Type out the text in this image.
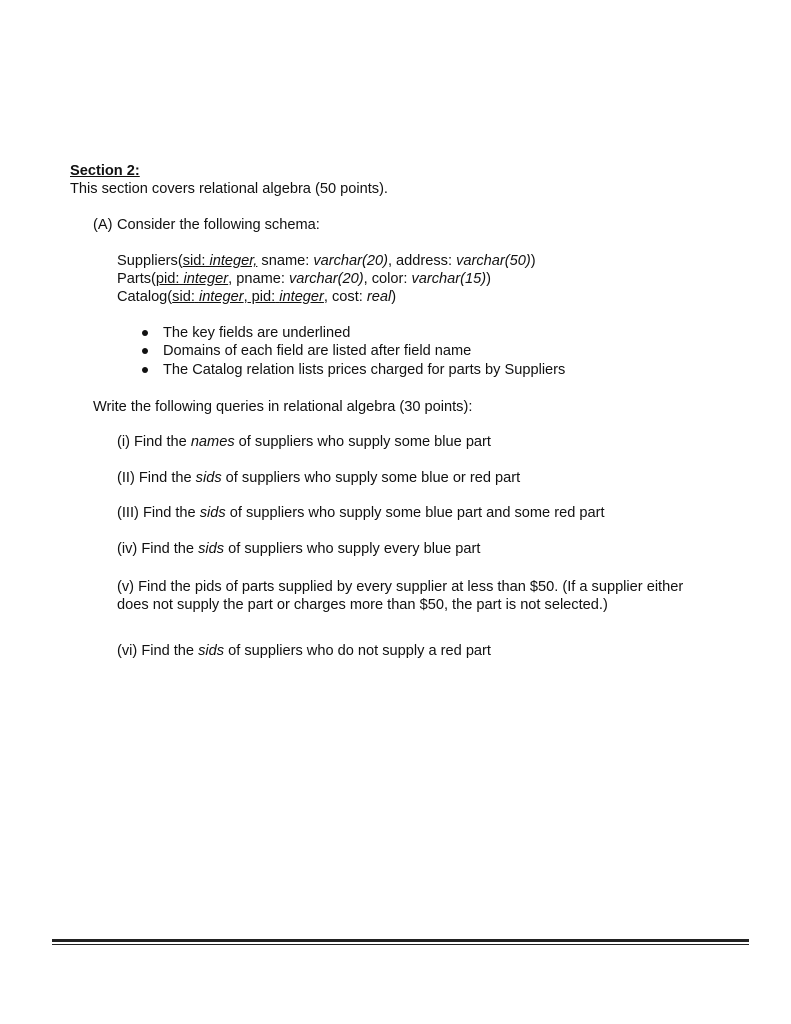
Section 2:
This section covers relational algebra (50 points).
(A) Consider the following schema:
Suppliers(sid: integer, sname: varchar(20), address: varchar(50))
Parts(pid: integer, pname: varchar(20), color: varchar(15))
Catalog(sid: integer, pid: integer, cost: real)
The key fields are underlined
Domains of each field are listed after field name
The Catalog relation lists prices charged for parts by Suppliers
Write the following queries in relational algebra (30 points):
(i) Find the names of suppliers who supply some blue part
(II) Find the sids of suppliers who supply some blue or red part
(III) Find the sids of suppliers who supply some blue part and some red part
(iv) Find the sids of suppliers who supply every blue part
(v) Find the pids of parts supplied by every supplier at less than $50. (If a supplier either
does not supply the part or charges more than $50, the part is not selected.)
(vi) Find the sids of suppliers who do not supply a red part
